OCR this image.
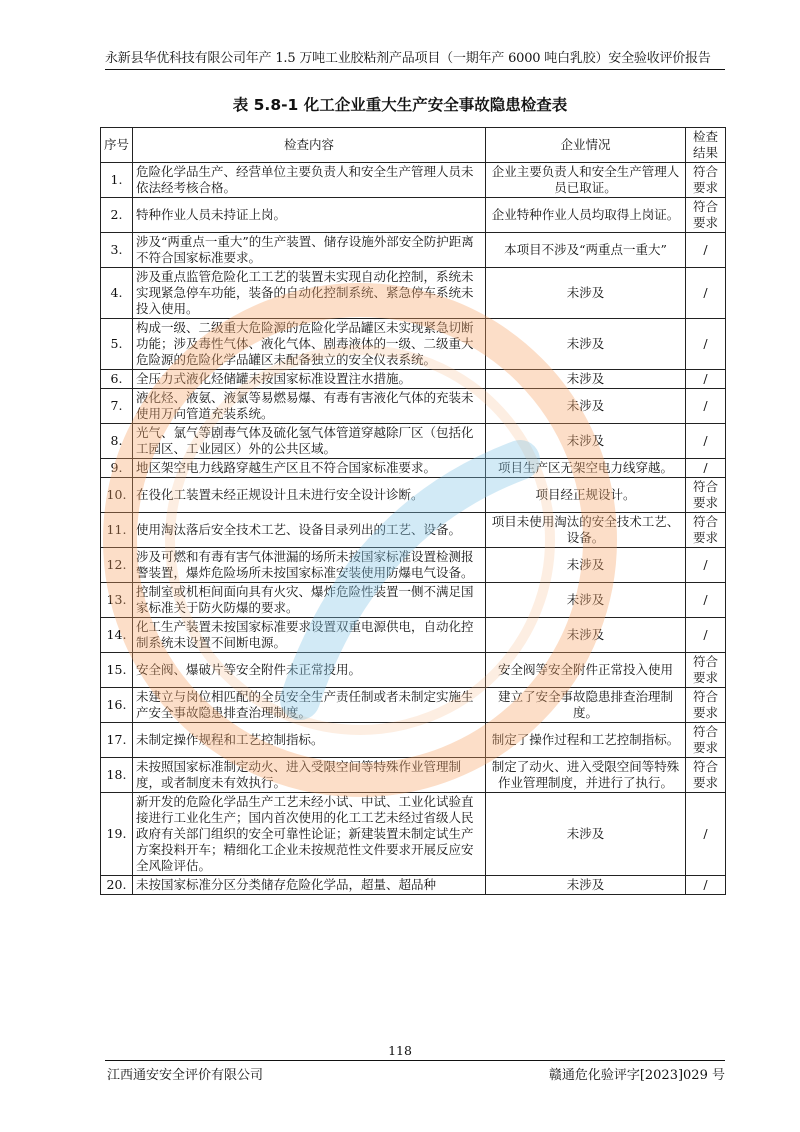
永新县华优科技有限公司年产 1.5 万吨工业胶粘剂产品项目（一期年产 6000 吨白乳胶）安全验收评价报告
表 5.8-1 化工企业重大生产安全事故隐患检查表
序号	检查内容	企业情况	检查结果
1.	危险化学品生产、经营单位主要负责人和安全生产管理人员未依法经考核合格。	企业主要负责人和安全生产管理人员已取证。	符合要求
2.	特种作业人员未持证上岗。	企业特种作业人员均取得上岗证。	符合要求
3.	涉及“两重点一重大”的生产装置、储存设施外部安全防护距离不符合国家标准要求。	本项目不涉及“两重点一重大”	/
4.	涉及重点监管危险化工工艺的装置未实现自动化控制，系统未实现紧急停车功能，装备的自动化控制系统、紧急停车系统未投入使用。	未涉及	/
5.	构成一级、二级重大危险源的危险化学品罐区未实现紧急切断功能；涉及毒性气体、液化气体、剧毒液体的一级、二级重大危险源的危险化学品罐区未配备独立的安全仪表系统。	未涉及	/
6.	全压力式液化烃储罐未按国家标准设置注水措施。	未涉及	/
7.	液化烃、液氨、液氯等易燃易爆、有毒有害液化气体的充装未使用万向管道充装系统。	未涉及	/
8.	光气、氯气等剧毒气体及硫化氢气体管道穿越除厂区（包括化工园区、工业园区）外的公共区域。	未涉及	/
9.	地区架空电力线路穿越生产区且不符合国家标准要求。	项目生产区无架空电力线穿越。	/
10.	在役化工装置未经正规设计且未进行安全设计诊断。	项目经正规设计。	符合要求
11.	使用淘汰落后安全技术工艺、设备目录列出的工艺、设备。	项目未使用淘汰的安全技术工艺、设备。	符合要求
12.	涉及可燃和有毒有害气体泄漏的场所未按国家标准设置检测报警装置，爆炸危险场所未按国家标准安装使用防爆电气设备。	未涉及	/
13.	控制室或机柜间面向具有火灾、爆炸危险性装置一侧不满足国家标准关于防火防爆的要求。	未涉及	/
14.	化工生产装置未按国家标准要求设置双重电源供电，自动化控制系统未设置不间断电源。	未涉及	/
15.	安全阀、爆破片等安全附件未正常投用。	安全阀等安全附件正常投入使用	符合要求
16.	未建立与岗位相匹配的全员安全生产责任制或者未制定实施生产安全事故隐患排查治理制度。	建立了安全事故隐患排查治理制度。	符合要求
17.	未制定操作规程和工艺控制指标。	制定了操作过程和工艺控制指标。	符合要求
18.	未按照国家标准制定动火、进入受限空间等特殊作业管理制度，或者制度未有效执行。	制定了动火、进入受限空间等特殊作业管理制度，并进行了执行。	符合要求
19.	新开发的危险化学品生产工艺未经小试、中试、工业化试验直接进行工业化生产；国内首次使用的化工工艺未经过省级人民政府有关部门组织的安全可靠性论证；新建装置未制定试生产方案投料开车；精细化工企业未按规范性文件要求开展反应安全风险评估。	未涉及	/
20.	未按国家标准分区分类储存危险化学品，超量、超品种	未涉及	/
118
江西通安安全评价有限公司	赣通危化验评字[2023]029 号
